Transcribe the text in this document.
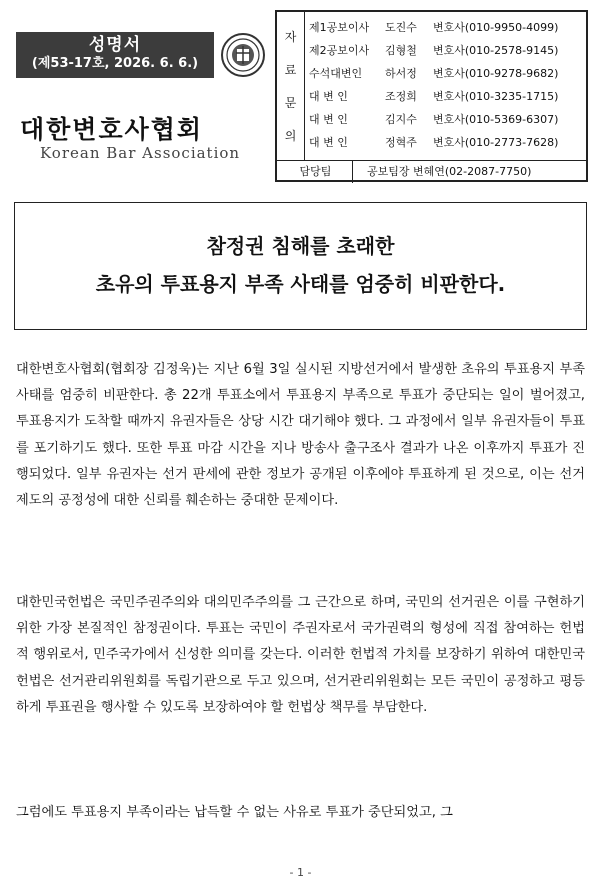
성명서
(제53-17호, 2026. 6. 6.)
대한변호사협회
Korean Bar Association
자
료
문
의
제1공보이사	도진수	변호사(010-9950-4099)
제2공보이사	김형철	변호사(010-2578-9145)
수석대변인	하서정	변호사(010-9278-9682)
대 변 인	조정희	변호사(010-3235-1715)
대 변 인	김지수	변호사(010-5369-6307)
대 변 인	정혁주	변호사(010-2773-7628)
담당팀	공보팀장 변혜연(02-2087-7750)
참정권 침해를 초래한
초유의 투표용지 부족 사태를 엄중히 비판한다.
대한변호사협회(협회장 김정욱)는 지난 6월 3일 실시된 지방선거에서 발생한 초유의 투표용지 부족 사태를 엄중히 비판한다. 총 22개 투표소에서 투표용지 부족으로 투표가 중단되는 일이 벌어졌고, 투표용지가 도착할 때까지 유권자들은 상당 시간 대기해야 했다. 그 과정에서 일부 유권자들이 투표를 포기하기도 했다. 또한 투표 마감 시간을 지나 방송사 출구조사 결과가 나온 이후까지 투표가 진행되었다. 일부 유권자는 선거 판세에 관한 정보가 공개된 이후에야 투표하게 된 것으로, 이는 선거 제도의 공정성에 대한 신뢰를 훼손하는 중대한 문제이다.
대한민국헌법은 국민주권주의와 대의민주주의를 그 근간으로 하며, 국민의 선거권은 이를 구현하기 위한 가장 본질적인 참정권이다. 투표는 국민이 주권자로서 국가권력의 형성에 직접 참여하는 헌법적 행위로서, 민주국가에서 신성한 의미를 갖는다. 이러한 헌법적 가치를 보장하기 위하여 대한민국헌법은 선거관리위원회를 독립기관으로 두고 있으며, 선거관리위원회는 모든 국민이 공정하고 평등하게 투표권을 행사할 수 있도록 보장하여야 할 헌법상 책무를 부담한다.
그럼에도 투표용지 부족이라는 납득할 수 없는 사유로 투표가 중단되었고, 그
- 1 -
